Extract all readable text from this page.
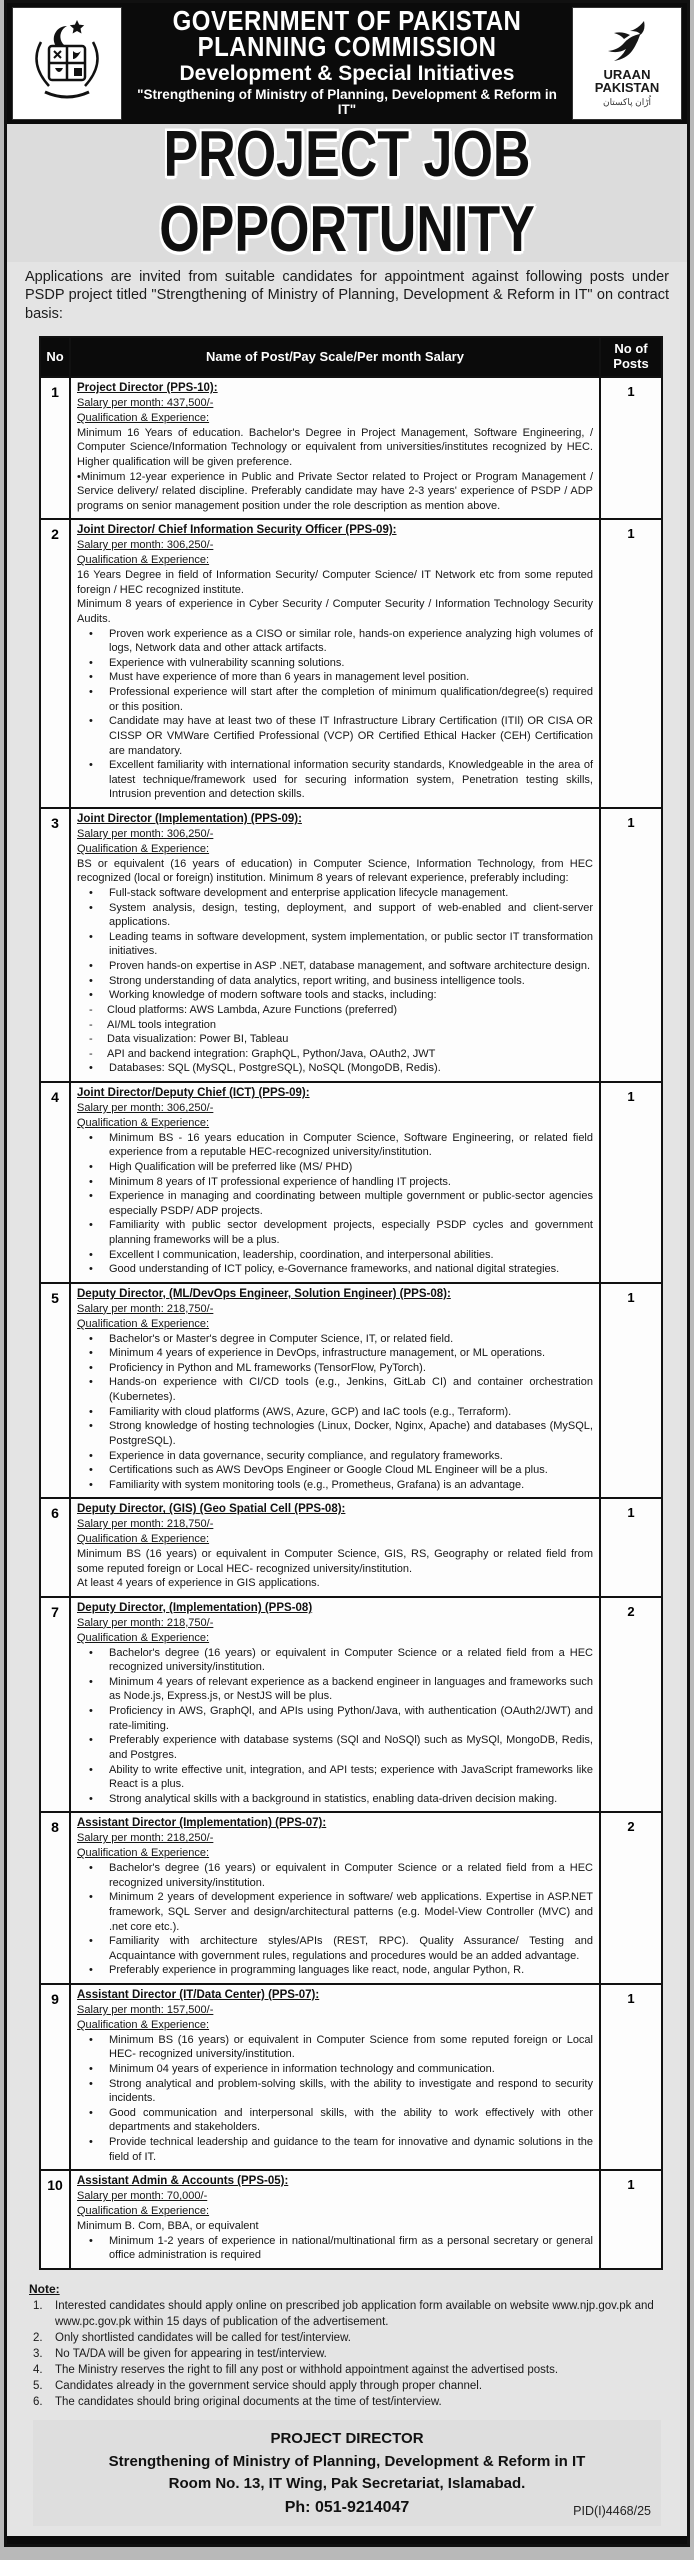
GOVERNMENT OF PAKISTAN
PLANNING COMMISSION
Development & Special Initiatives
"Strengthening of Ministry of Planning, Development & Reform in IT"
URAAN
PAKISTAN
اُڑان پاکستان
PROJECT JOB OPPORTUNITY
Applications are invited from suitable candidates for appointment against following posts under PSDP project titled "Strengthening of Ministry of Planning, Development & Reform in IT" on contract basis:
No	Name of Post/Pay Scale/Per month Salary	No of Posts
1	Project Director (PPS-10):
Salary per month: 437,500/-
Qualification & Experience:
Minimum 16 Years of education. Bachelor's Degree in Project Management, Software Engineering, / Computer Science/Information Technology or equivalent from universities/institutes recognized by HEC. Higher qualification will be given preference.
•Minimum 12-year experience in Public and Private Sector related to Project or Program Management / Service delivery/ related discipline. Preferably candidate may have 2-3 years' experience of PSDP / ADP programs on senior management position under the role description as mention above.	1
2	Joint Director/ Chief Information Security Officer (PPS-09):
Salary per month: 306,250/-
Qualification & Experience:
16 Years Degree in field of Information Security/ Computer Science/ IT Network etc from some reputed foreign / HEC recognized institute.
Minimum 8 years of experience in Cyber Security / Computer Security / Information Technology Security Audits.
• Proven work experience as a CISO or similar role, hands-on experience analyzing high volumes of logs, Network data and other attack artifacts.
• Experience with vulnerability scanning solutions.
• Must have experience of more than 6 years in management level position.
• Professional experience will start after the completion of minimum qualification/degree(s) required or this position.
• Candidate may have at least two of these IT Infrastructure Library Certification (ITIl) OR CISA OR CISSP OR VMWare Certified Professional (VCP) OR Certified Ethical Hacker (CEH) Certification are mandatory.
• Excellent familiarity with international information security standards, Knowledgeable in the area of latest technique/framework used for securing information system, Penetration testing skills, Intrusion prevention and detection skills.
	1
3	Joint Director (Implementation) (PPS-09):
Salary per month: 306,250/-
Qualification & Experience:
BS or equivalent (16 years of education) in Computer Science, Information Technology, from HEC recognized (local or foreign) institution. Minimum 8 years of relevant experience, preferably including:
• Full-stack software development and enterprise application lifecycle management.
• System analysis, design, testing, deployment, and support of web-enabled and client-server applications.
• Leading teams in software development, system implementation, or public sector IT transformation initiatives.
• Proven hands-on expertise in ASP .NET, database management, and software architecture design.
• Strong understanding of data analytics, report writing, and business intelligence tools.
• Working knowledge of modern software tools and stacks, including:
- Cloud platforms: AWS Lambda, Azure Functions (preferred)
- AI/ML tools integration
- Data visualization: Power BI, Tableau
- API and backend integration: GraphQL, Python/Java, OAuth2, JWT
• Databases: SQL (MySQL, PostgreSQL), NoSQL (MongoDB, Redis).
	1
4	Joint Director/Deputy Chief (ICT) (PPS-09):
Salary per month: 306,250/-
Qualification & Experience:
• Minimum BS - 16 years education in Computer Science, Software Engineering, or related field experience from a reputable HEC-recognized university/institution.
• High Qualification will be preferred like (MS/ PHD)
• Minimum 8 years of IT professional experience of handling IT projects.
• Experience in managing and coordinating between multiple government or public-sector agencies especially PSDP/ ADP projects.
• Familiarity with public sector development projects, especially PSDP cycles and government planning frameworks will be a plus.
• Excellent I communication, leadership, coordination, and interpersonal abilities.
• Good understanding of ICT policy, e-Governance frameworks, and national digital strategies.
	1
5	Deputy Director, (ML/DevOps Engineer, Solution Engineer) (PPS-08):
Salary per month: 218,750/-
Qualification & Experience:
• Bachelor's or Master's degree in Computer Science, IT, or related field.
• Minimum 4 years of experience in DevOps, infrastructure management, or ML operations.
• Proficiency in Python and ML frameworks (TensorFlow, PyTorch).
• Hands-on experience with CI/CD tools (e.g., Jenkins, GitLab CI) and container orchestration (Kubernetes).
• Familiarity with cloud platforms (AWS, Azure, GCP) and IaC tools (e.g., Terraform).
• Strong knowledge of hosting technologies (Linux, Docker, Nginx, Apache) and databases (MySQL, PostgreSQL).
• Experience in data governance, security compliance, and regulatory frameworks.
• Certifications such as AWS DevOps Engineer or Google Cloud ML Engineer will be a plus.
• Familiarity with system monitoring tools (e.g., Prometheus, Grafana) is an advantage.
	1
6	Deputy Director, (GIS) (Geo Spatial Cell (PPS-08):
Salary per month: 218,750/-
Qualification & Experience:
Minimum BS (16 years) or equivalent in Computer Science, GIS, RS, Geography or related field from some reputed foreign or Local HEC- recognized university/institution.
At least 4 years of experience in GIS applications.	1
7	Deputy Director, (Implementation) (PPS-08)
Salary per month: 218,750/-
Qualification & Experience:
• Bachelor's degree (16 years) or equivalent in Computer Science or a related field from a HEC recognized university/institution.
• Minimum 4 years of relevant experience as a backend engineer in languages and frameworks such as Node.js, Express.js, or NestJS will be plus.
• Proficiency in AWS, GraphQl, and APIs using Python/Java, with authentication (OAuth2/JWT) and rate-limiting.
• Preferably experience with database systems (SQl and NoSQl) such as MySQl, MongoDB, Redis, and Postgres.
• Ability to write effective unit, integration, and API tests; experience with JavaScript frameworks like React is a plus.
• Strong analytical skills with a background in statistics, enabling data-driven decision making.
	2
8	Assistant Director (Implementation) (PPS-07):
Salary per month: 218,250/-
Qualification & Experience:
• Bachelor's degree (16 years) or equivalent in Computer Science or a related field from a HEC recognized university/institution.
• Minimum 2 years of development experience in software/ web applications. Expertise in ASP.NET framework, SQL Server and design/architectural patterns (e.g. Model-View Controller (MVC) and .net core etc.).
• Familiarity with architecture styles/APIs (REST, RPC). Quality Assurance/ Testing and Acquaintance with government rules, regulations and procedures would be an added advantage.
• Preferably experience in programming languages like react, node, angular Python, R.
	2
9	Assistant Director (IT/Data Center) (PPS-07):
Salary per month: 157,500/-
Qualification & Experience:
• Minimum BS (16 years) or equivalent in Computer Science from some reputed foreign or Local HEC- recognized university/institution.
• Minimum 04 years of experience in information technology and communication.
• Strong analytical and problem-solving skills, with the ability to investigate and respond to security incidents.
• Good communication and interpersonal skills, with the ability to work effectively with other departments and stakeholders.
• Provide technical leadership and guidance to the team for innovative and dynamic solutions in the field of IT.
	1
10	Assistant Admin & Accounts (PPS-05):
Salary per month: 70,000/-
Qualification & Experience:
Minimum B. Com, BBA, or equivalent
• Minimum 1-2 years of experience in national/multinational firm as a personal secretary or general office administration is required
	1
Note:
1. Interested candidates should apply online on prescribed job application form available on website www.njp.gov.pk and www.pc.gov.pk within 15 days of publication of the advertisement.
2. Only shortlisted candidates will be called for test/interview.
3. No TA/DA will be given for appearing in test/interview.
4. The Ministry reserves the right to fill any post or withhold appointment against the advertised posts.
5. Candidates already in the government service should apply through proper channel.
6. The candidates should bring original documents at the time of test/interview.
PROJECT DIRECTOR
Strengthening of Ministry of Planning, Development & Reform in IT
Room No. 13, IT Wing, Pak Secretariat, Islamabad.
Ph: 051-9214047	PID(I)4468/25
